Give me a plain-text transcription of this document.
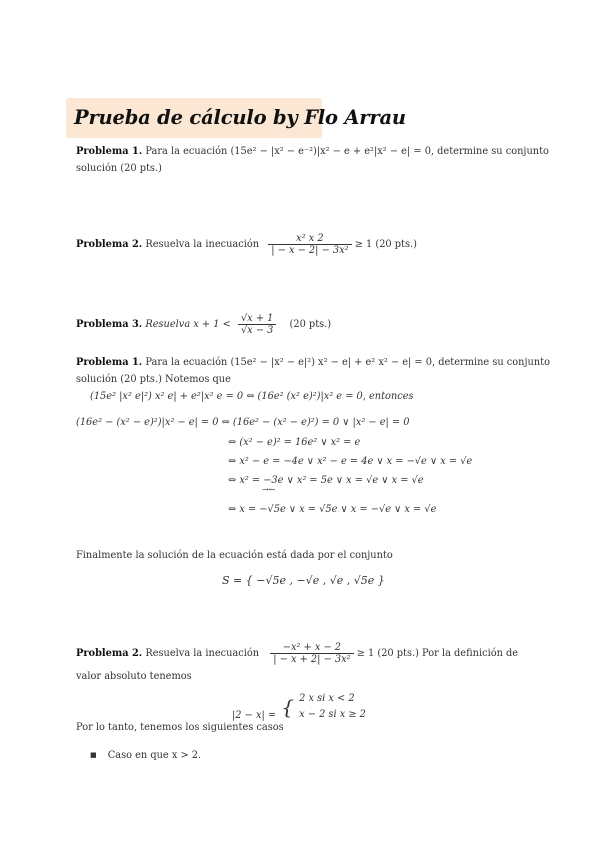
Prueba de cálculo by Flo Arrau
Problema 1. Para la ecuación (15e² − |x² − e⁻²)|x² − e + e²|x² − e| = 0, determine su conjunto
solución (20 pts.)
Problema 2. Resuelva la inecuación $\frac{\text{x² x 2}}{\text{| − x − 2| − 3x²}} \ge 1$ (20 pts.)
Problema 3. Resuelva $x + 1 < \frac{√x + 1}{√x - 3} (20$ pts.)
Problema 1. Para la ecuación (15e² − |x² − e|²) x² − e| + e² x² − e| = 0, determine su conjunto
solución (20 pts.) Notemos que
(15e² |x² e|²) x² e| + e²|x² e = 0 ⇔ (16e² (x² e)²)|x² e = 0, entonces
(16e² − (x² − e)²)|x² − e| = 0 ⇔ (16e² − (x² − e)²) = 0 ∨ |x² − e| = 0
⇔ (x² − e)² = 16e² ∨ x² = e
⇔ x² − e = −4e ∨ x² − e = 4e ∨ x = −√e ∨ x = √e
⇔ x² = −3e ∨ x² = 5e ∨ x = √e ∨ x = √e
→←
⇔ x = −√5e ∨ x = √5e ∨ x = −√e ∨ x = √e
Finalmente la solución de la ecuación está dada por el conjunto
S = { −√5e , −√e , √e , √5e }
Problema 2. Resuelva la inecuación $\frac{\text{−x² + x − 2}}{\text{| − x + 2| − 3x²}} \ge 1$ (20 pts.) Por la definición de
valor absoluto tenemos
|2 − x| = { 2 x si x < 2
x − 2 si x ≥ 2
Por lo tanto, tenemos los siguientes casos
■ Caso en que x > 2.
